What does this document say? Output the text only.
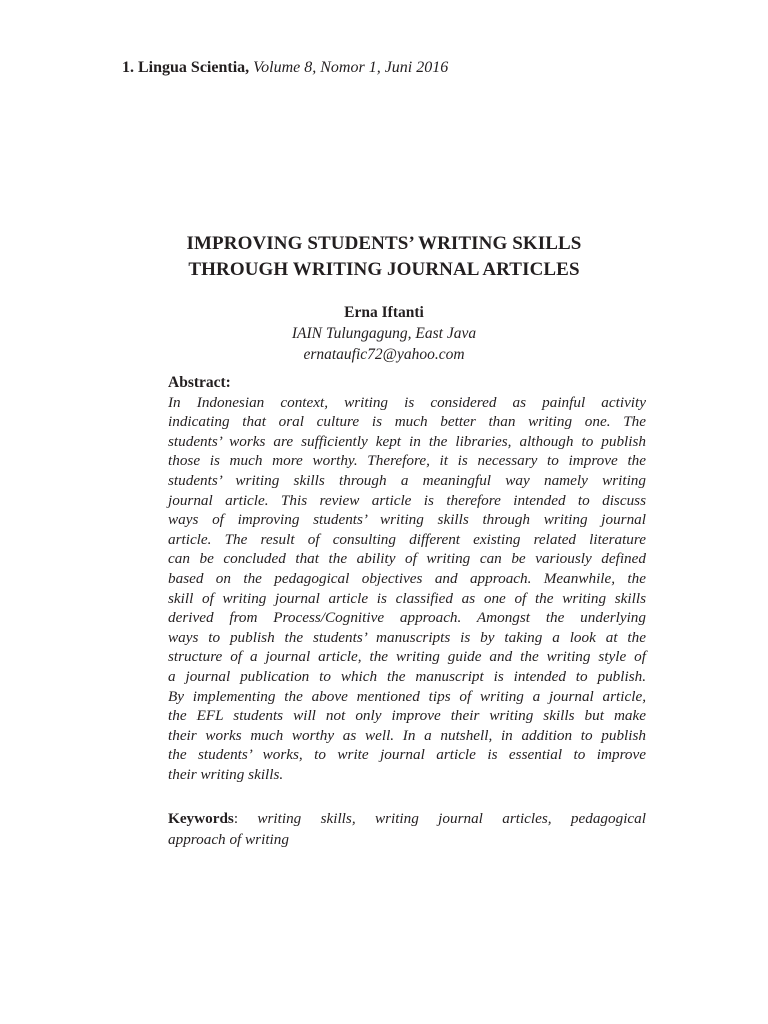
1. Lingua Scientia, Volume 8, Nomor 1, Juni 2016
IMPROVING STUDENTS’ WRITING SKILLS
THROUGH WRITING JOURNAL ARTICLES
Erna Iftanti
IAIN Tulungagung, East Java
ernataufic72@yahoo.com
Abstract:
In Indonesian context, writing is considered as painful activity
indicating that oral culture is much better than writing one. The
students’ works are sufficiently kept in the libraries, although to publish
those is much more worthy. Therefore, it is necessary to improve the
students’ writing skills through a meaningful way namely writing
journal article. This review article is therefore intended to discuss
ways of improving students’ writing skills through writing journal
article. The result of consulting different existing related literature
can be concluded that the ability of writing can be variously defined
based on the pedagogical objectives and approach. Meanwhile, the
skill of writing journal article is classified as one of the writing skills
derived from Process/Cognitive approach. Amongst the underlying
ways to publish the students’ manuscripts is by taking a look at the
structure of a journal article, the writing guide and the writing style of
a journal publication to which the manuscript is intended to publish.
By implementing the above mentioned tips of writing a journal article,
the EFL students will not only improve their writing skills but make
their works much worthy as well. In a nutshell, in addition to publish
the students’ works, to write journal article is essential to improve
their writing skills.
Keywords: writing skills, writing journal articles, pedagogical
approach of writing
